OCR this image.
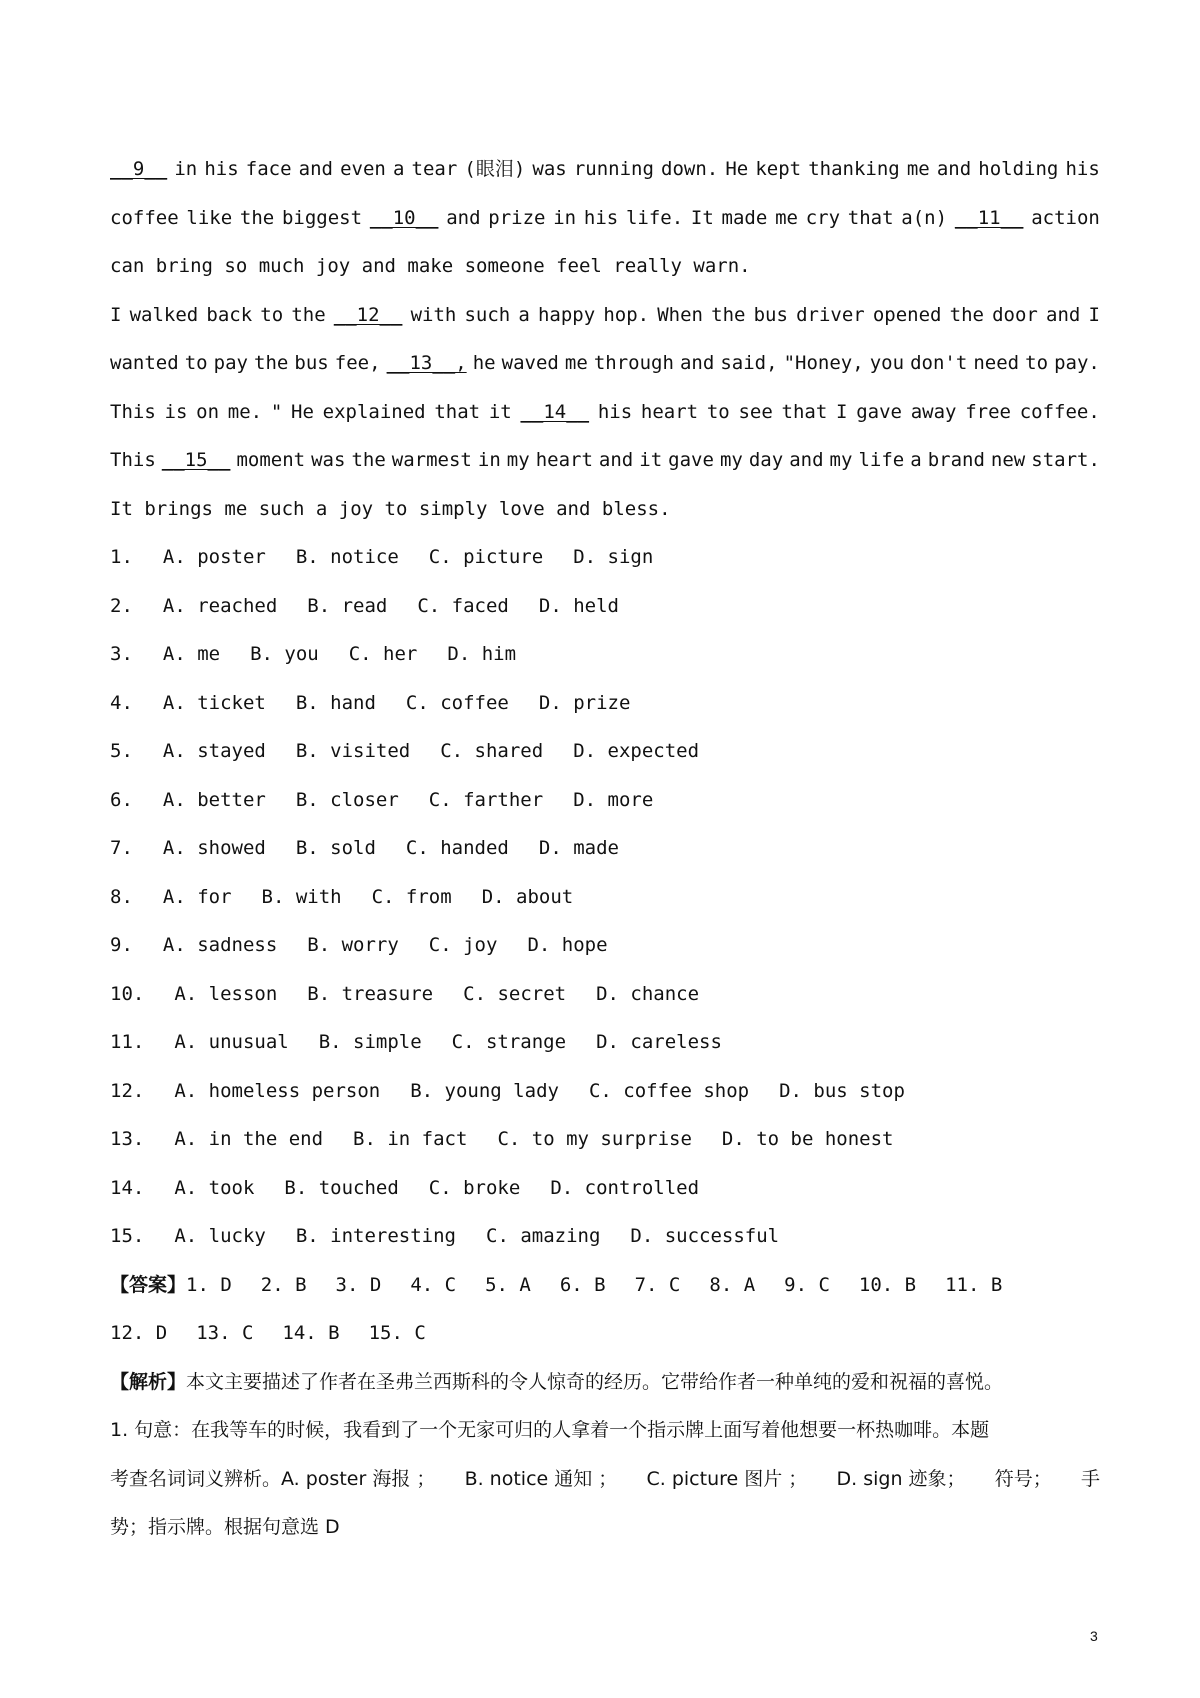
__9__ in his face and even a tear (眼泪) was running down. He kept thanking me and holding his
coffee like the biggest __10__ and prize in his life. It made me cry that a(n) __11__ action
can bring so much joy and make someone feel really warn.
I walked back to the __12__ with such a happy hop. When the bus driver opened the door and I
wanted to pay the bus fee, __13__, he waved me through and said, "Honey, you don't need to pay.
This is on me. " He explained that it __14__ his heart to see that I gave away free coffee.
This __15__ moment was the warmest in my heart and it gave my day and my life a brand new start.
It brings me such a joy to simply love and bless.
1. A. poster B. notice C. picture D. sign
2. A. reached B. read C. faced D. held
3. A. me B. you C. her D. him
4. A. ticket B. hand C. coffee D. prize
5. A. stayed B. visited C. shared D. expected
6. A. better B. closer C. farther D. more
7. A. showed B. sold C. handed D. made
8. A. for B. with C. from D. about
9. A. sadness B. worry C. joy D. hope
10. A. lesson B. treasure C. secret D. chance
11. A. unusual B. simple C. strange D. careless
12. A. homeless person B. young lady C. coffee shop D. bus stop
13. A. in the end B. in fact C. to my surprise D. to be honest
14. A. took B. touched C. broke D. controlled
15. A. lucky B. interesting C. amazing D. successful
【答案】 1. D 2. B 3. D 4. C 5. A 6. B 7. C 8. A 9. C 10. B 11. B
12. D 13. C 14. B 15. C
【解析】本文主要描述了作者在圣弗兰西斯科的令人惊奇的经历。它带给作者一种单纯的爱和祝福的喜悦。
1. 句意：在我等车的时候，我看到了一个无家可归的人拿着一个指示牌上面写着他想要一杯热咖啡。本题
考查名词词义辨析。A. poster 海报 ； B. notice 通知 ； C. picture 图片 ； D. sign 迹象； 符号； 手
势；指示牌。根据句意选 D
3
